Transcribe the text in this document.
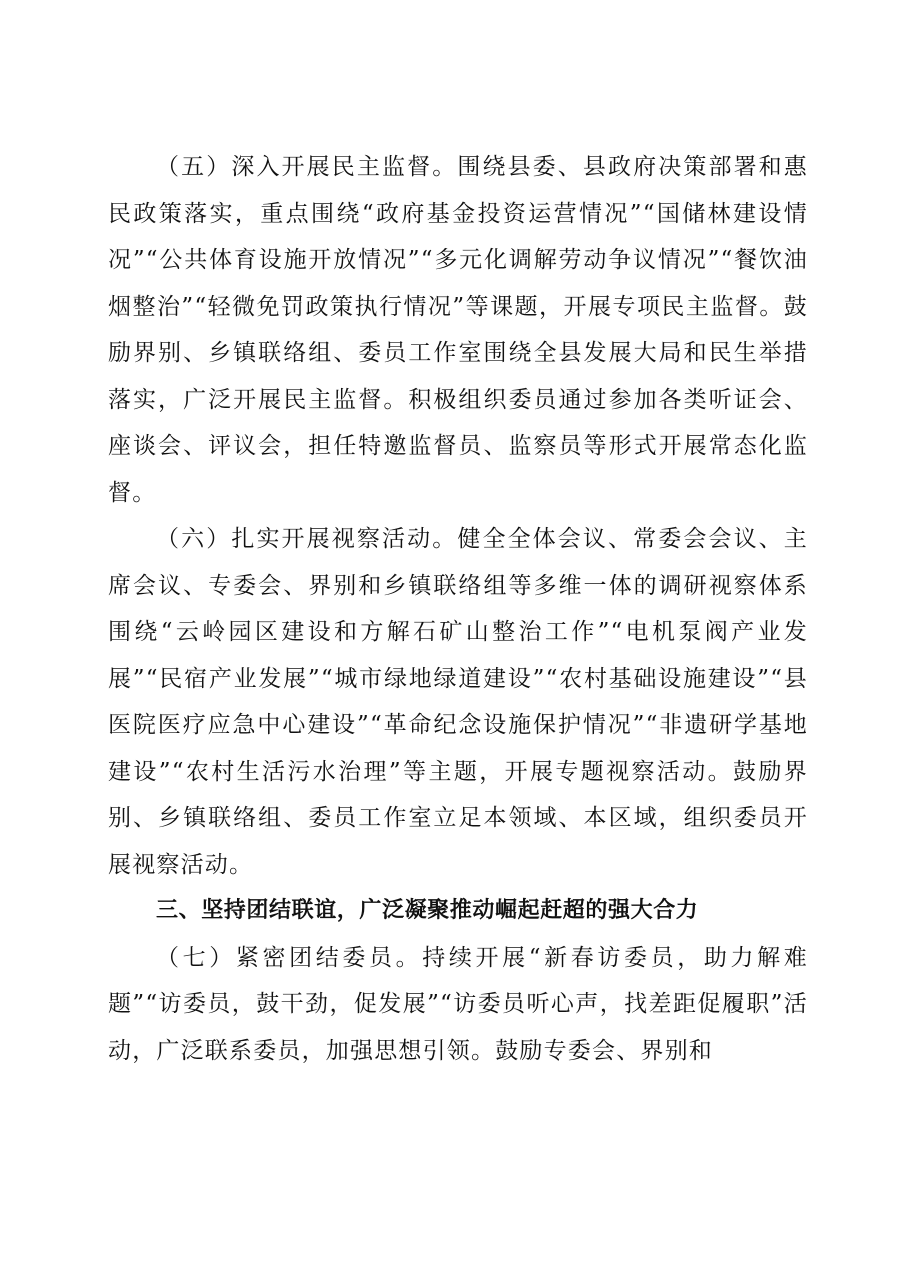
（五）深入开展民主监督。围绕县委、县政府决策部署和惠民政策落实，重点围绕“政府基金投资运营情况”“国储林建设情况”“公共体育设施开放情况”“多元化调解劳动争议情况”“餐饮油烟整治”“轻微免罚政策执行情况”等课题，开展专项民主监督。鼓励界别、乡镇联络组、委员工作室围绕全县发展大局和民生举措落实，广泛开展民主监督。积极组织委员通过参加各类听证会、座谈会、评议会，担任特邀监督员、监察员等形式开展常态化监督。

（六）扎实开展视察活动。健全全体会议、常委会会议、主席会议、专委会、界别和乡镇联络组等多维一体的调研视察体系围绕“云岭园区建设和方解石矿山整治工作”“电机泵阀产业发展”“民宿产业发展”“城市绿地绿道建设”“农村基础设施建设”“县医院医疗应急中心建设”“革命纪念设施保护情况”“非遗研学基地建设”“农村生活污水治理”等主题，开展专题视察活动。鼓励界别、乡镇联络组、委员工作室立足本领域、本区域，组织委员开展视察活动。

三、坚持团结联谊，广泛凝聚推动崛起赶超的强大合力

（七）紧密团结委员。持续开展“新春访委员，助力解难题”“访委员，鼓干劲，促发展”“访委员听心声，找差距促履职”活动，广泛联系委员，加强思想引领。鼓励专委会、界别和
